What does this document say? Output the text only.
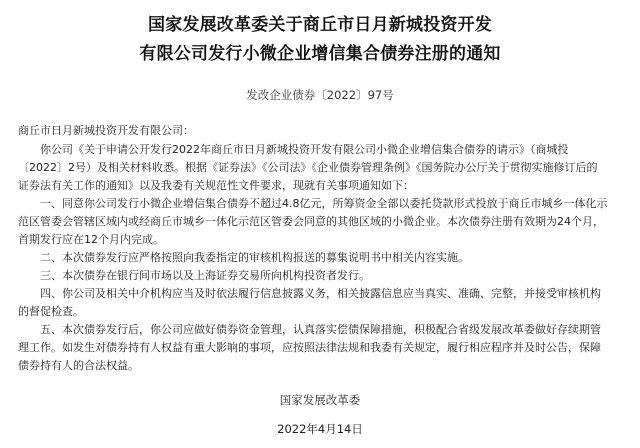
国家发展改革委关于商丘市日月新城投资开发
有限公司发行小微企业增信集合债券注册的通知
发改企业债券〔2022〕97号
商丘市日月新城投资开发有限公司：
　　你公司《关于申请公开发行2022年商丘市日月新城投资开发有限公司小微企业增信集合债券的请示》（商城投
〔2022〕2号）及相关材料收悉。根据《证券法》《公司法》《企业债券管理条例》《国务院办公厅关于贯彻实施修订后的
证券法有关工作的通知》以及我委有关规范性文件要求，现就有关事项通知如下：
　　一、同意你公司发行小微企业增信集合债券不超过4.8亿元，所筹资金全部以委托贷款形式投放于商丘市城乡一体化示
范区管委会管辖区域内或经商丘市城乡一体化示范区管委会同意的其他区域的小微企业。本次债券注册有效期为24个月，
首期发行应在12个月内完成。
　　二、本次债券发行应严格按照向我委指定的审核机构报送的募集说明书中相关内容实施。
　　三、本次债券在银行间市场以及上海证券交易所向机构投资者发行。
　　四、你公司及相关中介机构应当及时依法履行信息披露义务，相关披露信息应当真实、准确、完整，并接受审核机构
的督促检查。
　　五、本次债券发行后，你公司应做好债券资金管理，认真落实偿债保障措施，积极配合省级发展改革委做好存续期管
理工作。如发生对债券持有人权益有重大影响的事项，应按照法律法规和我委有关规定，履行相应程序并及时公告，保障
债券持有人的合法权益。
国家发展改革委
2022年4月14日
